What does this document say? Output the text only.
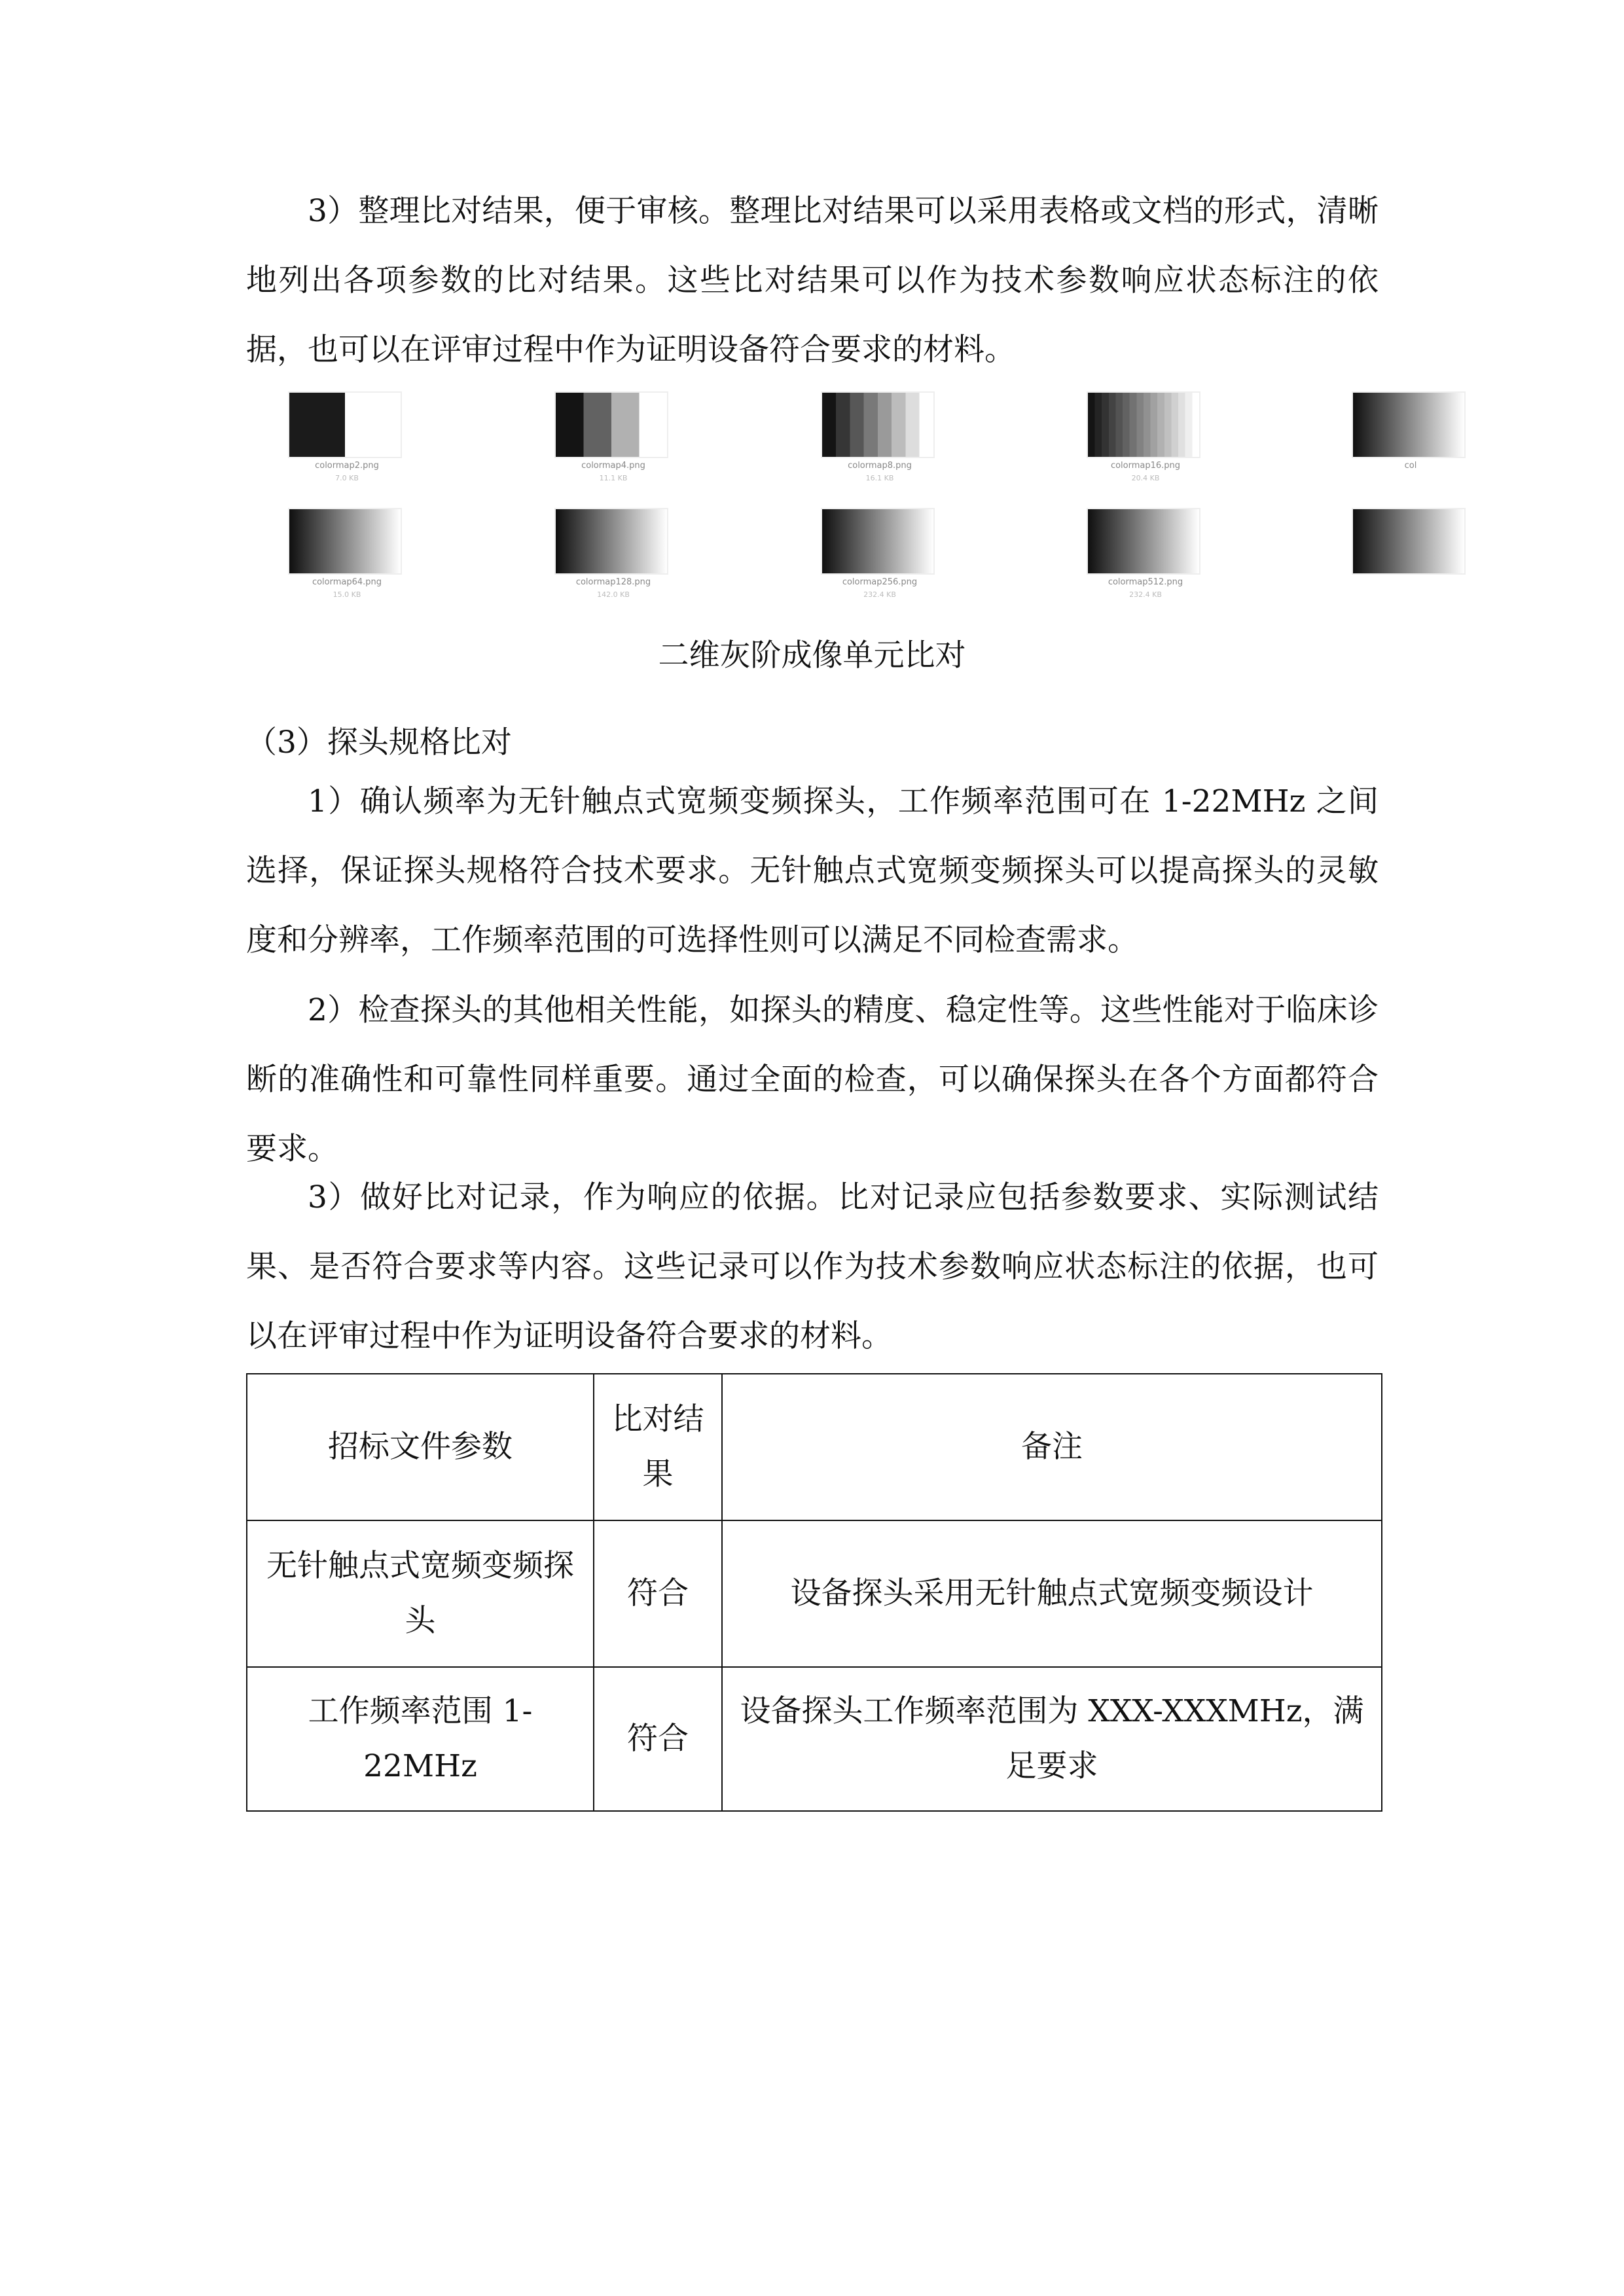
3）整理比对结果，便于审核。整理比对结果可以采用表格或文档的形式，清晰地列出各项参数的比对结果。这些比对结果可以作为技术参数响应状态标注的依据，也可以在评审过程中作为证明设备符合要求的材料。

colormap2.png
7.0 KB
colormap4.png
11.1 KB
colormap8.png
16.1 KB
colormap16.png
20.4 KB
col
colormap64.png
15.0 KB
colormap128.png
142.0 KB
colormap256.png
232.4 KB
colormap512.png
232.4 KB

二维灰阶成像单元比对

（3）探头规格比对

1）确认频率为无针触点式宽频变频探头，工作频率范围可在 1-22MHz 之间选择，保证探头规格符合技术要求。无针触点式宽频变频探头可以提高探头的灵敏度和分辨率，工作频率范围的可选择性则可以满足不同检查需求。

2）检查探头的其他相关性能，如探头的精度、稳定性等。这些性能对于临床诊断的准确性和可靠性同样重要。通过全面的检查，可以确保探头在各个方面都符合要求。

3）做好比对记录，作为响应的依据。比对记录应包括参数要求、实际测试结果、是否符合要求等内容。这些记录可以作为技术参数响应状态标注的依据，也可以在评审过程中作为证明设备符合要求的材料。

招标文件参数	比对结果	备注
无针触点式宽频变频探头	符合	设备探头采用无针触点式宽频变频设计
工作频率范围 1-22MHz	符合	设备探头工作频率范围为 XXX-XXXMHz，满足要求
